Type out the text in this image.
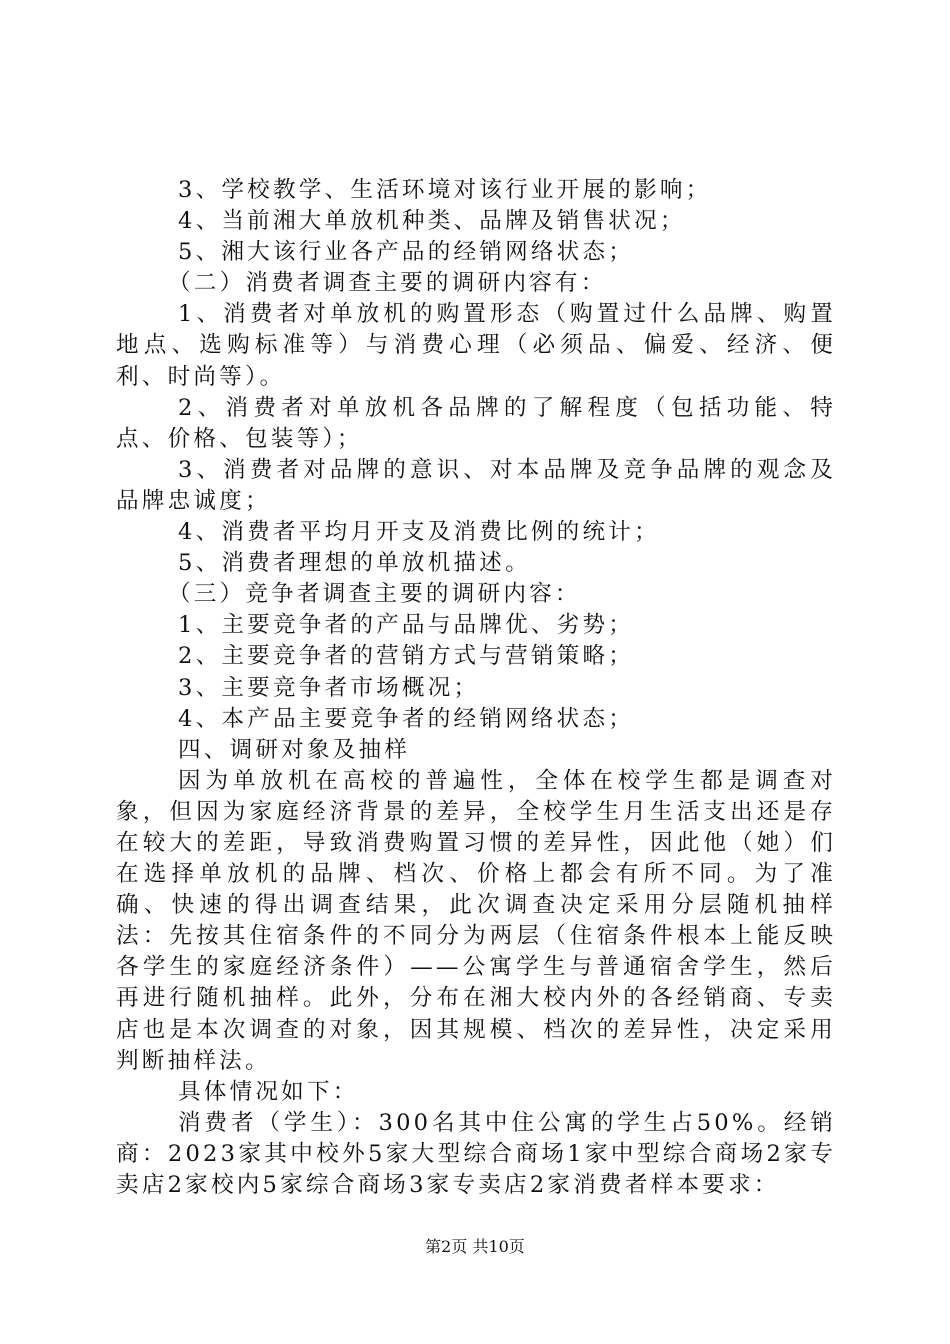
3、学校教学、生活环境对该行业开展的影响；

4、当前湘大单放机种类、品牌及销售状况；

5、湘大该行业各产品的经销网络状态；

（二）消费者调查主要的调研内容有：

1、消费者对单放机的购置形态（购置过什么品牌、购置地点、选购标准等）与消费心理（必须品、偏爱、经济、便利、时尚等）。

2、消费者对单放机各品牌的了解程度（包括功能、特点、价格、包装等）；

3、消费者对品牌的意识、对本品牌及竞争品牌的观念及品牌忠诚度；

4、消费者平均月开支及消费比例的统计；

5、消费者理想的单放机描述。

（三）竞争者调查主要的调研内容：

1、主要竞争者的产品与品牌优、劣势；

2、主要竞争者的营销方式与营销策略；

3、主要竞争者市场概况；

4、本产品主要竞争者的经销网络状态；

四、调研对象及抽样

因为单放机在高校的普遍性，全体在校学生都是调查对象，但因为家庭经济背景的差异，全校学生月生活支出还是存在较大的差距，导致消费购置习惯的差异性，因此他（她）们在选择单放机的品牌、档次、价格上都会有所不同。为了准确、快速的得出调查结果，此次调查决定采用分层随机抽样法：先按其住宿条件的不同分为两层（住宿条件根本上能反映各学生的家庭经济条件）——公寓学生与普通宿舍学生，然后再进行随机抽样。此外，分布在湘大校内外的各经销商、专卖店也是本次调查的对象，因其规模、档次的差异性，决定采用判断抽样法。

具体情况如下：

消费者（学生）：300名其中住公寓的学生占50%。经销商：2023家其中校外5家大型综合商场1家中型综合商场2家专卖店2家校内5家综合商场3家专卖店2家消费者样本要求：

第2页 共10页
